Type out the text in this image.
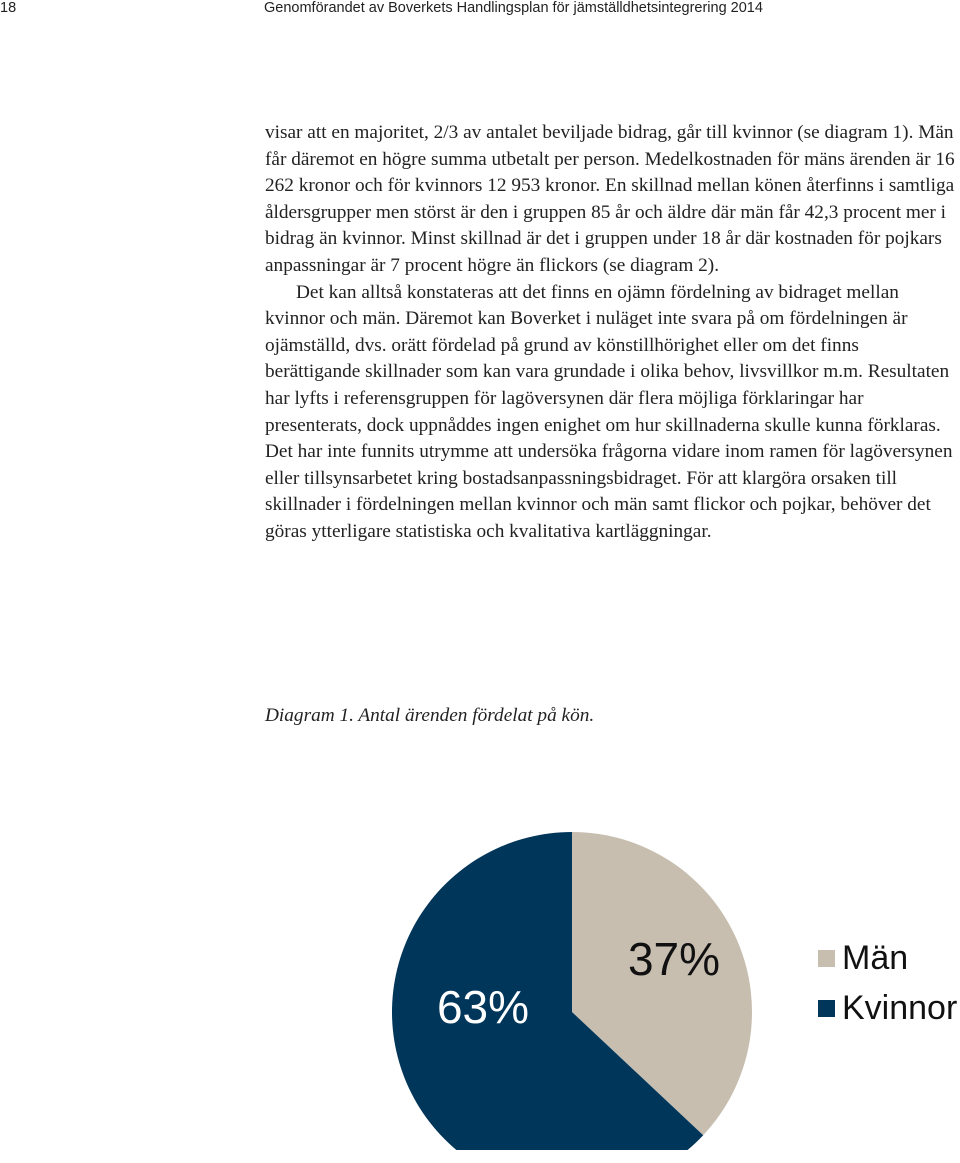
18	Genomförandet av Boverkets Handlingsplan för jämställdhetsintegrering 2014

visar att en majoritet, 2/3 av antalet beviljade bidrag, går till kvinnor (se diagram 1). Män får däremot en högre summa utbetalt per person. Medelkostnaden för mäns ärenden är 16 262 kronor och för kvinnors 12 953 kronor. En skillnad mellan könen återfinns i samtliga åldersgrupper men störst är den i gruppen 85 år och äldre där män får 42,3 procent mer i bidrag än kvinnor. Minst skillnad är det i gruppen under 18 år där kostnaden för pojkars anpassningar är 7 procent högre än flickors (se diagram 2).

Det kan alltså konstateras att det finns en ojämn fördelning av bidraget mellan kvinnor och män. Däremot kan Boverket i nuläget inte svara på om fördelningen är ojämställd, dvs. orätt fördelad på grund av könstillhörighet eller om det finns berättigande skillnader som kan vara grundade i olika behov, livsvillkor m.m. Resultaten har lyfts i referensgruppen för lagöversynen där flera möjliga förklaringar har presenterats, dock uppnåddes ingen enighet om hur skillnaderna skulle kunna förklaras. Det har inte funnits utrymme att undersöka frågorna vidare inom ramen för lagöversynen eller tillsynsarbetet kring bostadsanpassningsbidraget. För att klargöra orsaken till skillnader i fördelningen mellan kvinnor och män samt flickor och pojkar, behöver det göras ytterligare statistiska och kvalitativa kartläggningar.

Diagram 1. Antal ärenden fördelat på kön.
37%
63%
Män
Kvinnor
